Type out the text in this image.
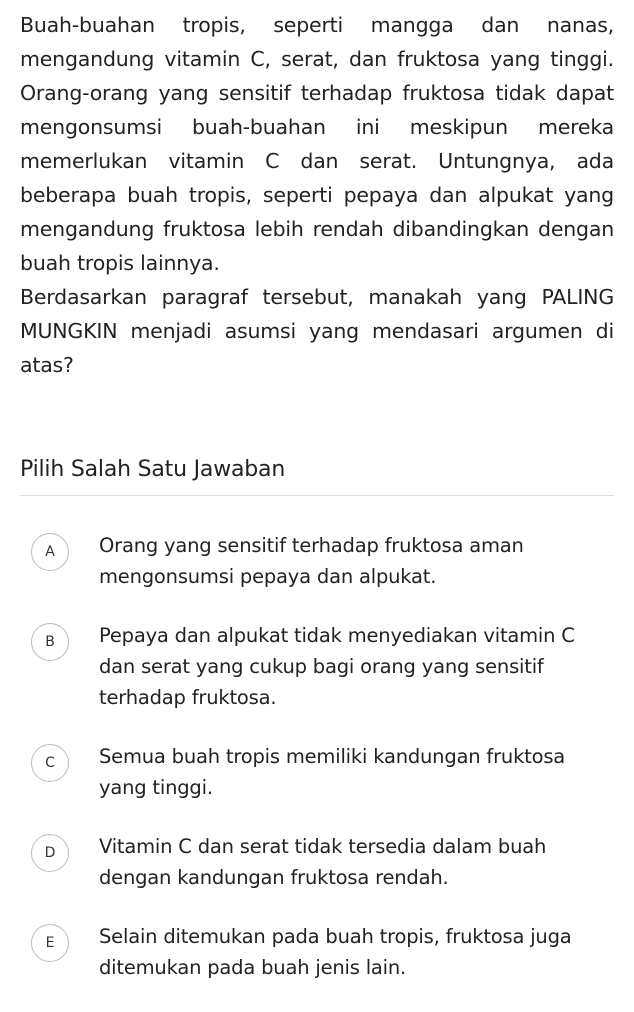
Buah-buahan tropis, seperti mangga dan nanas, mengandung vitamin C, serat, dan fruktosa yang tinggi. Orang-orang yang sensitif terhadap fruktosa tidak dapat mengonsumsi buah-buahan ini meskipun mereka memerlukan vitamin C dan serat. Untungnya, ada beberapa buah tropis, seperti pepaya dan alpukat yang mengandung fruktosa lebih rendah dibandingkan dengan buah tropis lainnya.

Berdasarkan paragraf tersebut, manakah yang PALING MUNGKIN menjadi asumsi yang mendasari argumen di atas?

Pilih Salah Satu Jawaban
A	Orang yang sensitif terhadap fruktosa aman mengonsumsi pepaya dan alpukat.
B	Pepaya dan alpukat tidak menyediakan vitamin C dan serat yang cukup bagi orang yang sensitif terhadap fruktosa.
C	Semua buah tropis memiliki kandungan fruktosa yang tinggi.
D	Vitamin C dan serat tidak tersedia dalam buah dengan kandungan fruktosa rendah.
E	Selain ditemukan pada buah tropis, fruktosa juga ditemukan pada buah jenis lain.
